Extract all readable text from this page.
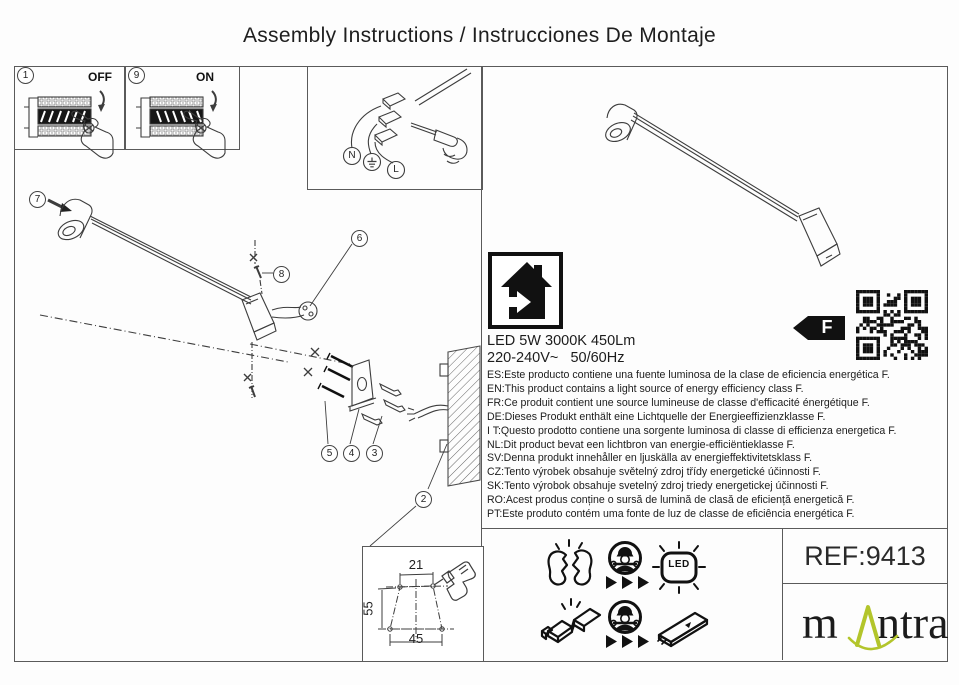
Assembly Instructions / Instrucciones De Montaje
1	OFF	9	ON
N
L
7
8
6
5	4	3
2
LED 5W 3000K 450Lm
220-240V~   50/60Hz
F
ES:Este producto contiene una fuente luminosa de la clase de eficiencia energética F.
EN:This product contains a light source of energy efficiency class F.
FR:Ce produit contient une source lumineuse de classe d'efficacité énergétique F.
DE:Dieses Produkt enthält eine Lichtquelle der Energieeffizienzklasse F.
I T:Questo prodotto contiene una sorgente luminosa di classe di efficienza energetica F.
NL:Dit product bevat een lichtbron van energie-efficiëntieklasse F.
SV:Denna produkt innehåller en ljuskälla av energieffektivitetsklass F.
CZ:Tento výrobek obsahuje světelný zdroj třídy energetické účinnosti F.
SK:Tento výrobok obsahuje svetelný zdroj triedy energetickej účinnosti F.
RO:Acest produs conține o sursă de lumină de clasă de eficiență energetică F.
PT:Este produto contém uma fonte de luz de classe de eficiência energética F.
LED
21
55
45
REF:9413
m ntra
